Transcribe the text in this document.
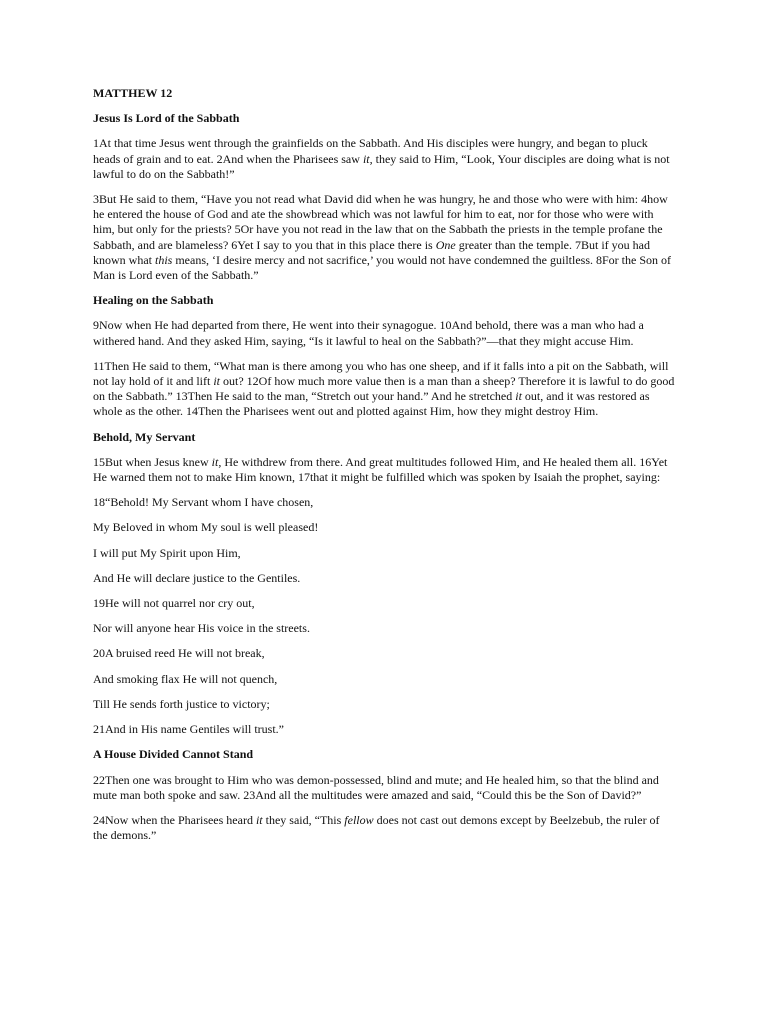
MATTHEW 12
Jesus Is Lord of the Sabbath

1At that time Jesus went through the grainfields on the Sabbath. And His disciples were hungry, and began to pluck heads of grain and to eat. 2And when the Pharisees saw it, they said to Him, “Look, Your disciples are doing what is not lawful to do on the Sabbath!”

3But He said to them, “Have you not read what David did when he was hungry, he and those who were with him: 4how he entered the house of God and ate the showbread which was not lawful for him to eat, nor for those who were with him, but only for the priests? 5Or have you not read in the law that on the Sabbath the priests in the temple profane the Sabbath, and are blameless? 6Yet I say to you that in this place there is One greater than the temple. 7But if you had known what this means, ‘I desire mercy and not sacrifice,’ you would not have condemned the guiltless. 8For the Son of Man is Lord even of the Sabbath.”

Healing on the Sabbath

9Now when He had departed from there, He went into their synagogue. 10And behold, there was a man who had a withered hand. And they asked Him, saying, “Is it lawful to heal on the Sabbath?”—that they might accuse Him.

11Then He said to them, “What man is there among you who has one sheep, and if it falls into a pit on the Sabbath, will not lay hold of it and lift it out? 12Of how much more value then is a man than a sheep? Therefore it is lawful to do good on the Sabbath.” 13Then He said to the man, “Stretch out your hand.” And he stretched it out, and it was restored as whole as the other. 14Then the Pharisees went out and plotted against Him, how they might destroy Him.

Behold, My Servant

15But when Jesus knew it, He withdrew from there. And great multitudes followed Him, and He healed them all. 16Yet He warned them not to make Him known, 17that it might be fulfilled which was spoken by Isaiah the prophet, saying:

18“Behold! My Servant whom I have chosen,

My Beloved in whom My soul is well pleased!

I will put My Spirit upon Him,

And He will declare justice to the Gentiles.

19He will not quarrel nor cry out,

Nor will anyone hear His voice in the streets.

20A bruised reed He will not break,

And smoking flax He will not quench,

Till He sends forth justice to victory;

21And in His name Gentiles will trust.”

A House Divided Cannot Stand

22Then one was brought to Him who was demon-possessed, blind and mute; and He healed him, so that the blind and mute man both spoke and saw. 23And all the multitudes were amazed and said, “Could this be the Son of David?”

24Now when the Pharisees heard it they said, “This fellow does not cast out demons except by Beelzebub, the ruler of the demons.”
